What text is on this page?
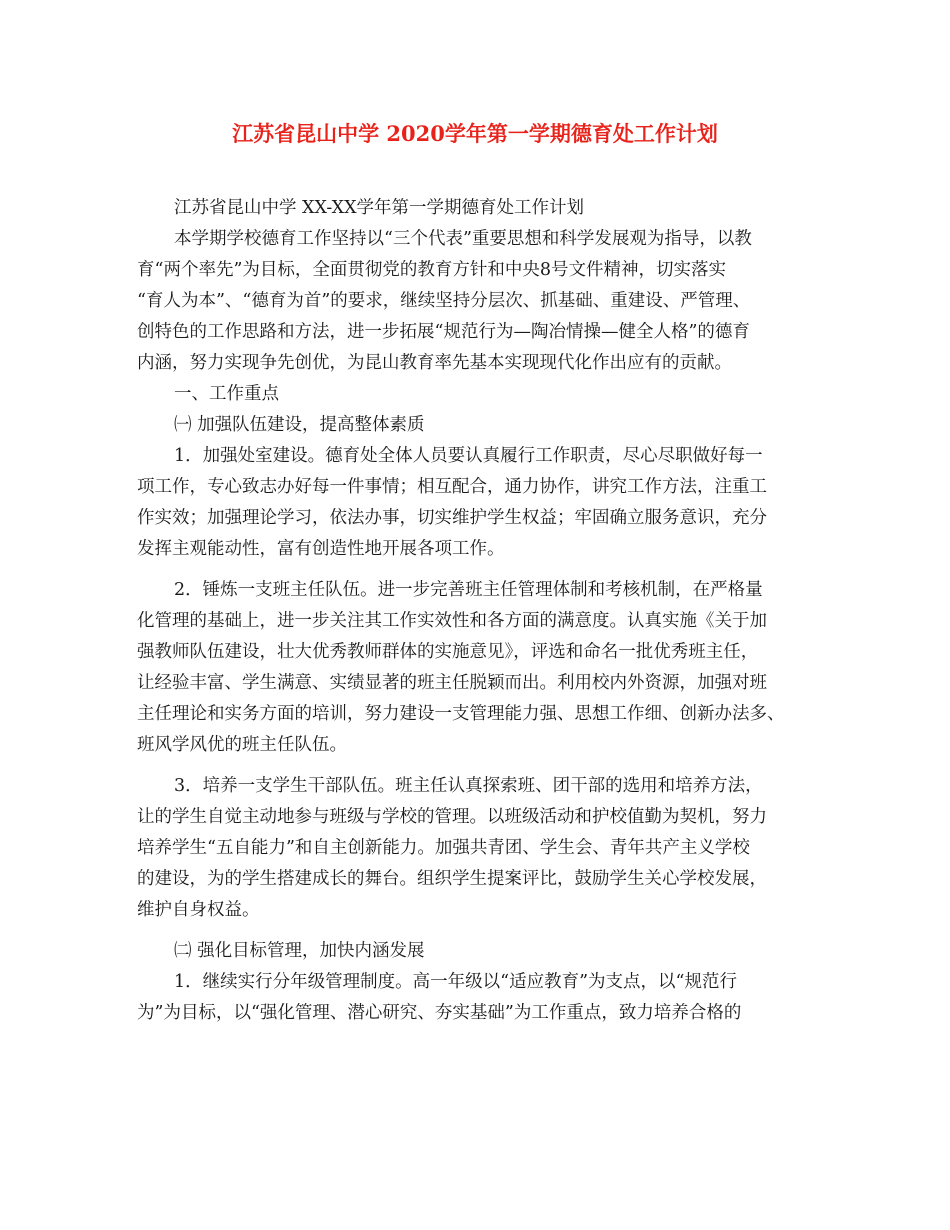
江苏省昆山中学 2020学年第一学期德育处工作计划
江苏省昆山中学 XX-XX学年第一学期德育处工作计划
本学期学校德育工作坚持以“三个代表”重要思想和科学发展观为指导，以教
育“两个率先”为目标，全面贯彻党的教育方针和中央8号文件精神，切实落实
“育人为本”、“德育为首”的要求，继续坚持分层次、抓基础、重建设、严管理、
创特色的工作思路和方法，进一步拓展“规范行为—陶冶情操—健全人格”的德育
内涵，努力实现争先创优，为昆山教育率先基本实现现代化作出应有的贡献。
一、工作重点
㈠ 加强队伍建设，提高整体素质
1．加强处室建设。德育处全体人员要认真履行工作职责，尽心尽职做好每一
项工作，专心致志办好每一件事情；相互配合，通力协作，讲究工作方法，注重工
作实效；加强理论学习，依法办事，切实维护学生权益；牢固确立服务意识，充分
发挥主观能动性，富有创造性地开展各项工作。
2．锤炼一支班主任队伍。进一步完善班主任管理体制和考核机制，在严格量
化管理的基础上，进一步关注其工作实效性和各方面的满意度。认真实施《关于加
强教师队伍建设，壮大优秀教师群体的实施意见》，评选和命名一批优秀班主任，
让经验丰富、学生满意、实绩显著的班主任脱颖而出。利用校内外资源，加强对班
主任理论和实务方面的培训，努力建设一支管理能力强、思想工作细、创新办法多、
班风学风优的班主任队伍。
3．培养一支学生干部队伍。班主任认真探索班、团干部的选用和培养方法，
让的学生自觉主动地参与班级与学校的管理。以班级活动和护校值勤为契机，努力
培养学生“五自能力”和自主创新能力。加强共青团、学生会、青年共产主义学校
的建设，为的学生搭建成长的舞台。组织学生提案评比，鼓励学生关心学校发展，
维护自身权益。
㈡ 强化目标管理，加快内涵发展
1．继续实行分年级管理制度。高一年级以“适应教育”为支点，以“规范行
为”为目标，以“强化管理、潜心研究、夯实基础”为工作重点，致力培养合格的
